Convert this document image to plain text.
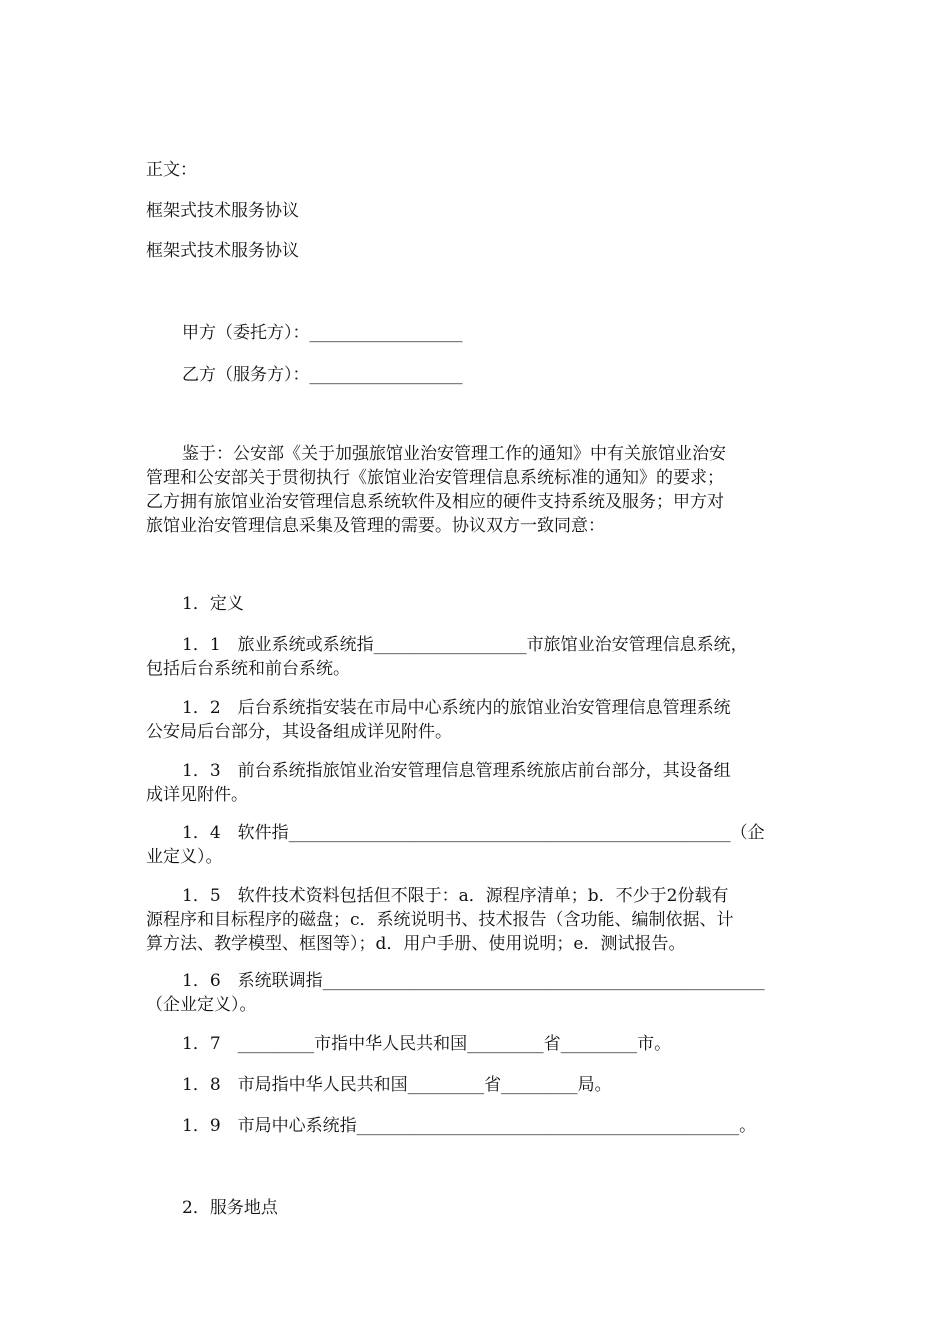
正文：
框架式技术服务协议
框架式技术服务协议
甲方（委托方）：__________________
乙方（服务方）：__________________
鉴于：公安部《关于加强旅馆业治安管理工作的通知》中有关旅馆业治安
管理和公安部关于贯彻执行《旅馆业治安管理信息系统标准的通知》的要求；
乙方拥有旅馆业治安管理信息系统软件及相应的硬件支持系统及服务；甲方对
旅馆业治安管理信息采集及管理的需要。协议双方一致同意：
1．定义
1．1　旅业系统或系统指__________________市旅馆业治安管理信息系统，
包括后台系统和前台系统。
1．2　后台系统指安装在市局中心系统内的旅馆业治安管理信息管理系统
公安局后台部分，其设备组成详见附件。
1．3　前台系统指旅馆业治安管理信息管理系统旅店前台部分，其设备组
成详见附件。
1．4　软件指____________________________________________________（企
业定义）。
1．5　软件技术资料包括但不限于：a．源程序清单；b．不少于2份载有
源程序和目标程序的磁盘；c．系统说明书、技术报告（含功能、编制依据、计
算方法、教学模型、框图等）；d．用户手册、使用说明；e．测试报告。
1．6　系统联调指____________________________________________________
（企业定义）。
1．7　_________市指中华人民共和国_________省_________市。
1．8　市局指中华人民共和国_________省_________局。
1．9　市局中心系统指_____________________________________________。
2．服务地点
